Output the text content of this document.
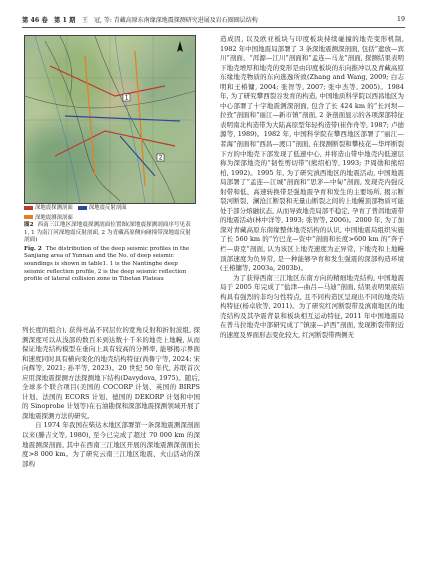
第 46 卷　第 1 期 王　冠, 等: 青藏高原东南缘深地震探测研究进展及岩石圈圈层结构	19
1
2
深地震探测剖面	深地震反射剖面
深地震测深剖面
图2 西南三江地区深地震探测剖面位置图(深地震探测剖面序号见表 1, 1 为南汀河深地震反射剖面, 2 为青藏高原侧向碰撞带深地震反射剖面)
Fig. 2 The distribution of the deep seismic profiles in the Sanjiang area of Yunnan and the No. of deep seismic soundings is shown in table1. 1 is the Nantinghe deep seismic reflection profile, 2 is the deep seismic reflection profile of lateral collision zone in Tibetan Plateau

列长度的组合), 获得亮晶不同层位的宽角反射和折射波组, 探测深度可以从浅部的数百米到达数十千米的地壳上地幔, 从而保证地壳结构模型在垂向上具有较高的分辨率, 能够揭示界面和速度同时具有横向变化的地壳结构特征(尚鲁宁等, 2024; 宋向辉等, 2021; 孙平等, 2023)。20 世纪 50 年代, 苏联首次应用深地震探测方法探测地下结构(Davydova, 1975)。随后, 全球多个联合项目(美国的 COCORP 计划、英国的 BIRPS 计划、法国的 ECORS 计划、德国的 DEKORP 计划和中国的 Sinoprobe 计划等)在石油勘探和深部地震探测领域开展了深地震探测方法的研究。

自 1974 年我国在柴达木地区部署第一条深地震测深剖面以来(滕吉文等, 1980), 至今已完成了超过 70 000 km 的深地震测深剖面, 其中在西南三江地区开展的深地震测深剖面长度>8 000 km。为了研究云南三江地区地震、火山活动的深部构

造成因, 以及欧亚板块与印度板块持续碰撞的地壳变形机制, 1982 年中国地震局部署了 3 条深地震测深剖面, 包括“遮放—宾川”剖面、“洱源—江川”剖面和“孟连—马龙”剖面, 探测结果表明下地壳增厚和地壳的变形是由印度板块的东向推冲以及青藏高原东缘地壳物质的东向逃逸所致(Zhang and Wang, 2009; 白志明和王椿镛, 2004; 张智等, 2007; 张中杰等, 2005)。1984 年, 为了研究攀西裂谷发育的构造, 中国地质科学院以西昌地区为中心部署了十字地震测深剖面, 包含了长 424 km 的“长河坝—拉孜”剖面和“丽江—新市镇”剖面, 2 条剖面显示的各项深部特征表明南北构造带为大陆高原型年轻构造带(崔作舟等, 1987; 卢德源等, 1989)。1982 年, 中国科学院在攀西地区部署了“丽江—者海”剖面和“西昌—渡口”剖面, 在探测断裂和攀枝花—华坪断裂下方的中地壳下部发现了低速中心, 并将造山带中地壳内低速层称为深部地壳的“韧性剪切带”(熊绍柏等, 1993; 尹周勋和熊绍柏, 1992)。1995 年, 为了研究滇西地区的地震活动, 中国地震局部署了“孟连—江城”剖面和“思茅—中甸”剖面, 发现壳内强反射带和低、高速转换带是强地震孕育和发生的主要场所, 揭示断裂河断裂、澜沧江断裂和无量山断裂之间的上地幔顶部物质可能处于部分熔融状态, 从而导致地壳局部不稳定, 孕育了普洱地震带的地震活动(林中洋等, 1993; 张智等, 2006)。2000 年, 为了加深对青藏高原东南缘整体地壳结构的认识, 中国地震局组织实施了长 560 km 的“竹巴龙—资中”剖面和长度>600 km 的“奔子栏—唐克”剖面, 认为该区上地壳速度为正异常, 下地壳和上地幔顶部速度为负异常, 是一种能够孕育和发生强震的深部构造环境(王椿镛等, 2003a, 2003b)。

为了获得西南三江地区东南方向的精细地壳结构, 中国地震局于 2005 年完成了“盐津—曲吕—马迪”剖面, 结果表明果底结构具有强烈的非均匀性特点, 且不同构造区呈现出不同的地壳结构特征(杨卓欣等, 2011)。为了研究红河断裂带及滇南地区的地壳结构及其孕震背景和板块相互运动特征, 2011 年中国地震局在普马拉地壳中部研究成了“镇康—泸西”剖面, 发现断裂带附近的速度及界面形态变化较大, 红河断裂带两侧无
